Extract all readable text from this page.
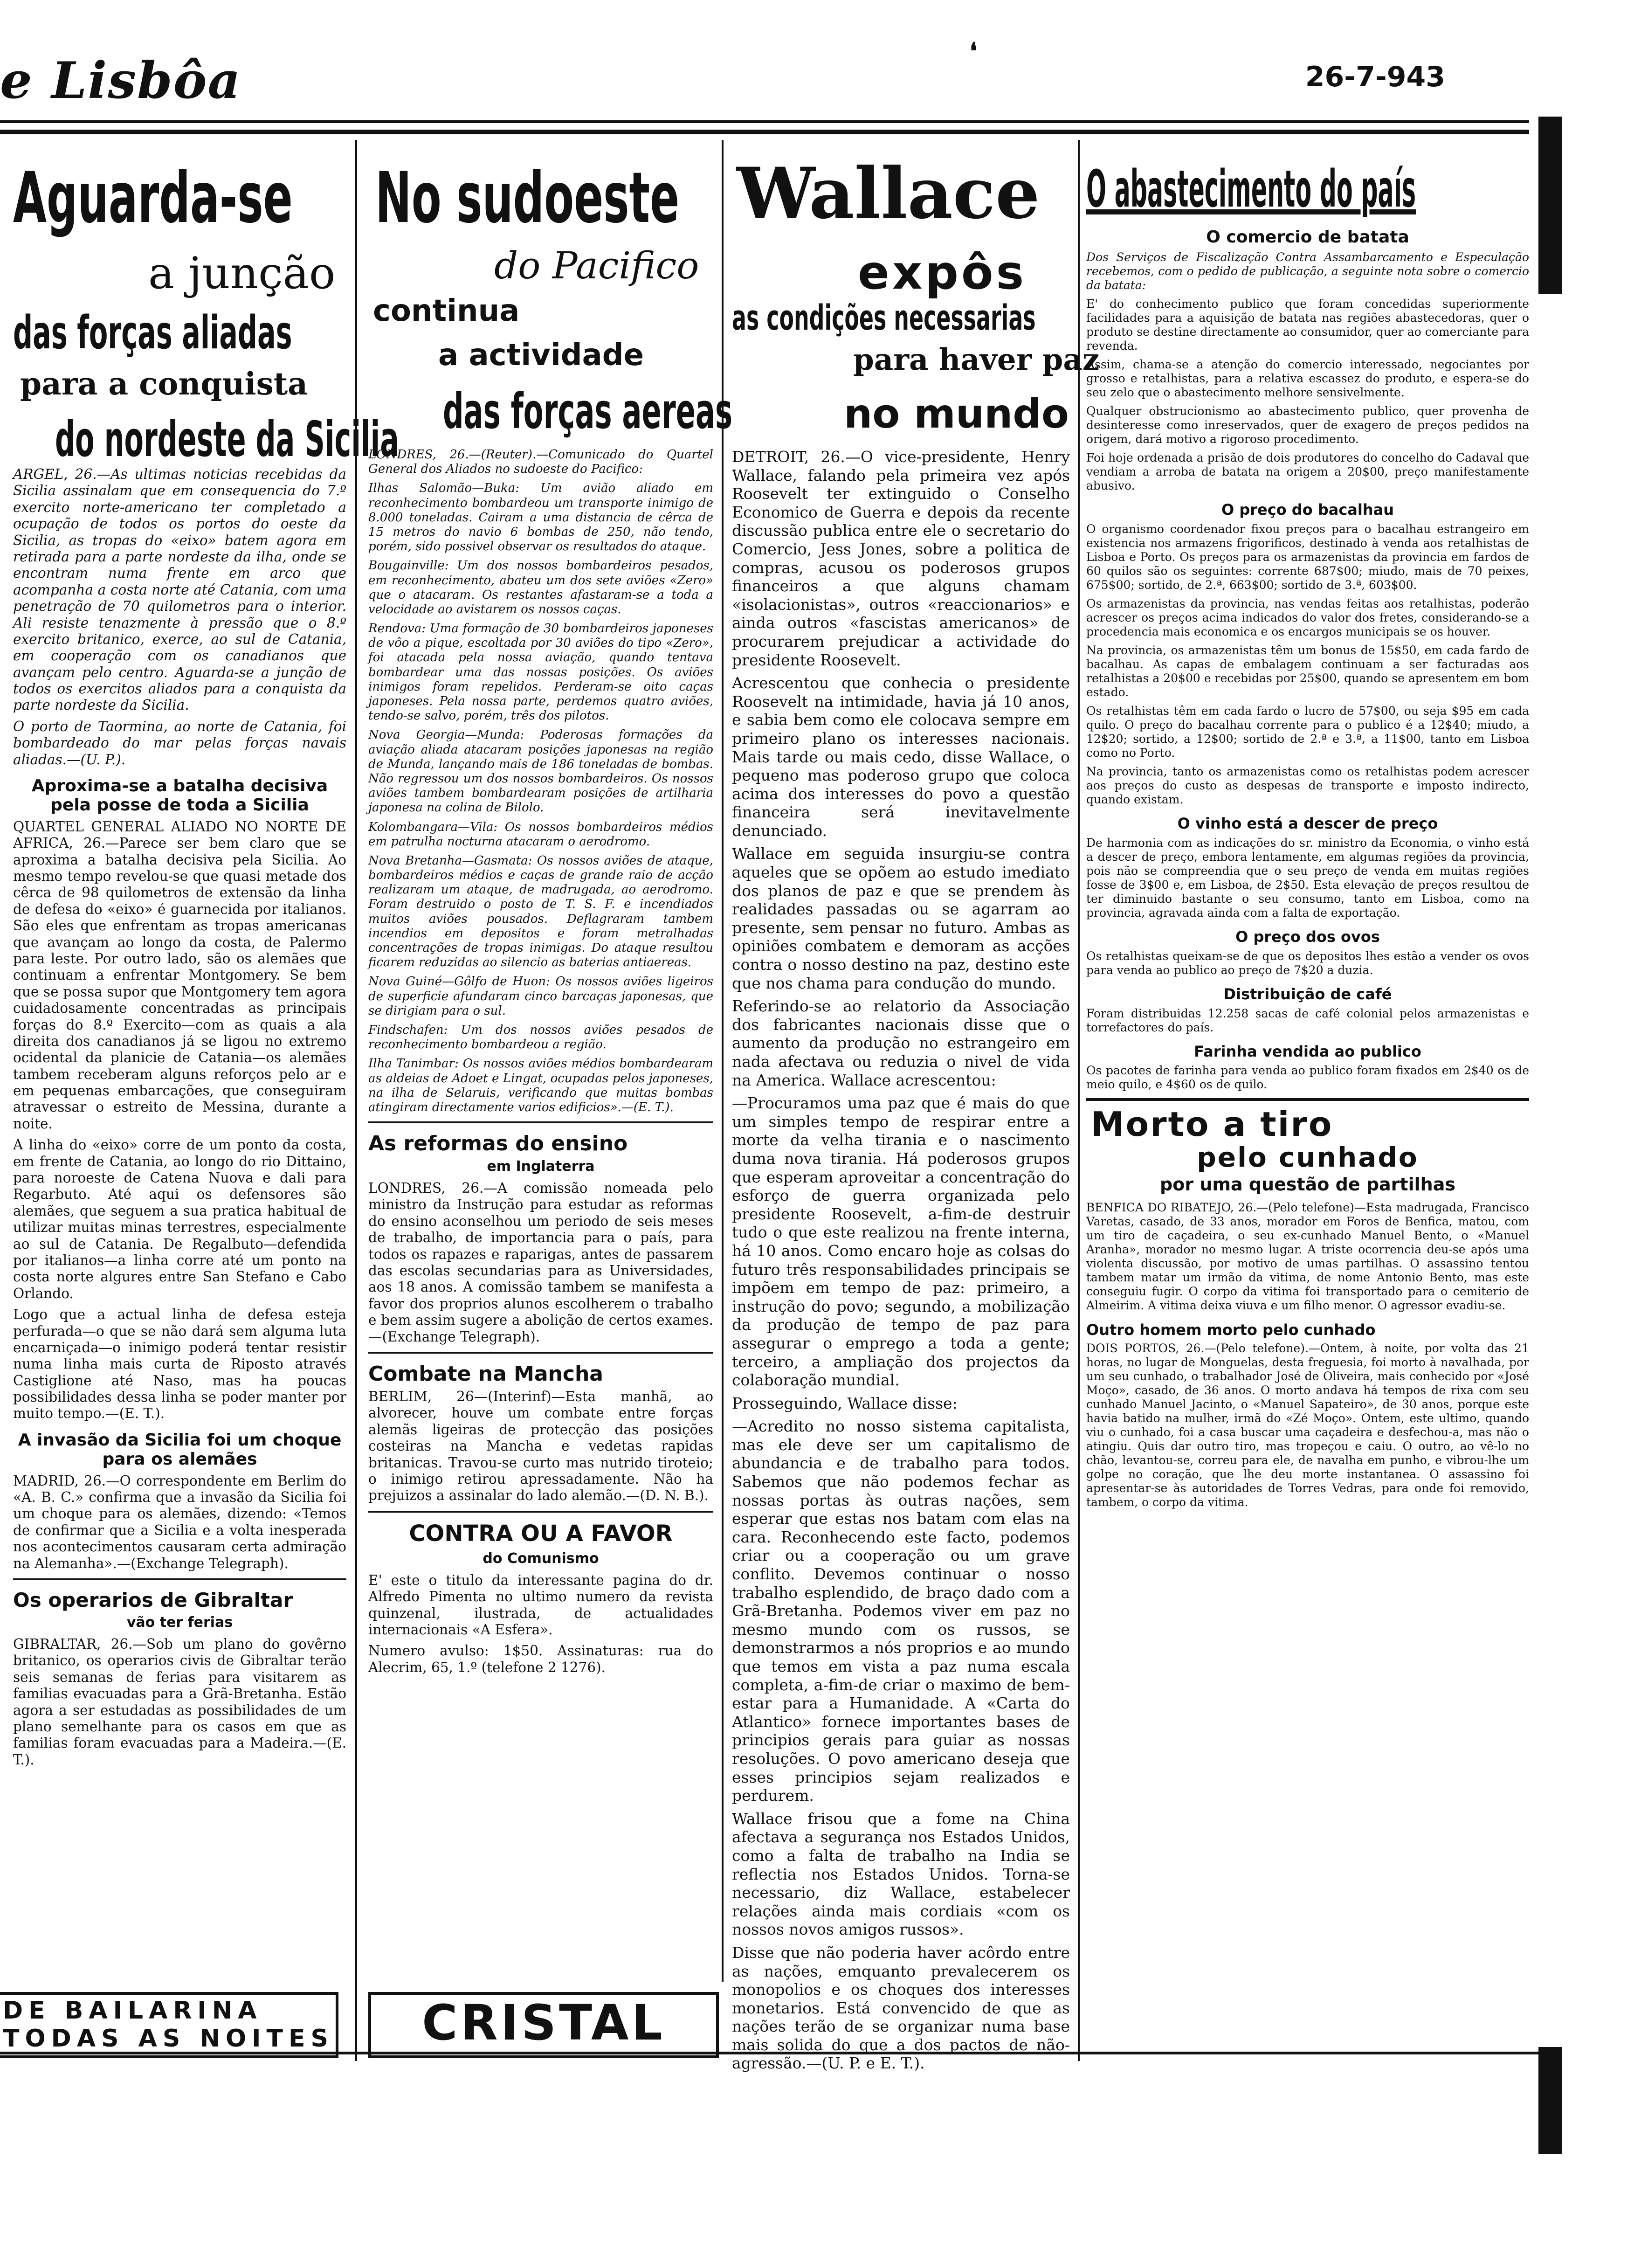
e Lisbôa
❛
26-7-943
Aguarda-se
a junção
das forças aliadas
para a conquista
do nordeste da Sicilia

ARGEL, 26.—As ultimas noticias recebidas da Sicilia assinalam que em consequencia do 7.º exercito norte-americano ter completado a ocupação de todos os portos do oeste da Sicilia, as tropas do «eixo» batem agora em retirada para a parte nordeste da ilha, onde se encontram numa frente em arco que acompanha a costa norte até Catania, com uma penetração de 70 quilometros para o interior. Ali resiste tenazmente à pressão que o 8.º exercito britanico, exerce, ao sul de Catania, em cooperação com os canadianos que avançam pelo centro. Aguarda-se a junção de todos os exercitos aliados para a conquista da parte nordeste da Sicilia.

O porto de Taormina, ao norte de Catania, foi bombardeado do mar pelas forças navais aliadas.—(U. P.).

Aproxima-se a batalha decisiva pela posse de toda a Sicilia

QUARTEL GENERAL ALIADO NO NORTE DE AFRICA, 26.—Parece ser bem claro que se aproxima a batalha decisiva pela Sicilia. Ao mesmo tempo revelou-se que quasi metade dos cêrca de 98 quilometros de extensão da linha de defesa do «eixo» é guarnecida por italianos. São eles que enfrentam as tropas americanas que avançam ao longo da costa, de Palermo para leste. Por outro lado, são os alemães que continuam a enfrentar Montgomery. Se bem que se possa supor que Montgomery tem agora cuidadosamente concentradas as principais forças do 8.º Exercito—com as quais a ala direita dos canadianos já se ligou no extremo ocidental da planicie de Catania—os alemães tambem receberam alguns reforços pelo ar e em pequenas embarcações, que conseguiram atravessar o estreito de Messina, durante a noite.

A linha do «eixo» corre de um ponto da costa, em frente de Catania, ao longo do rio Dittaino, para noroeste de Catena Nuova e dali para Regarbuto. Até aqui os defensores são alemães, que seguem a sua pratica habitual de utilizar muitas minas terrestres, especialmente ao sul de Catania. De Regalbuto—defendida por italianos—a linha corre até um ponto na costa norte algures entre San Stefano e Cabo Orlando.

Logo que a actual linha de defesa esteja perfurada—o que se não dará sem alguma luta encarniçada—o inimigo poderá tentar resistir numa linha mais curta de Riposto através Castiglione até Naso, mas ha poucas possibilidades dessa linha se poder manter por muito tempo.—(E. T.).

A invasão da Sicilia foi um choque para os alemães

MADRID, 26.—O correspondente em Berlim do «A. B. C.» confirma que a invasão da Sicilia foi um choque para os alemães, dizendo: «Temos de confirmar que a Sicilia e a volta inesperada nos acontecimentos causaram certa admiração na Alemanha».—(Exchange Telegraph).

Os operarios de Gibraltar
vão ter ferias

GIBRALTAR, 26.—Sob um plano do govêrno britanico, os operarios civis de Gibraltar terão seis semanas de ferias para visitarem as familias evacuadas para a Grã-Bretanha. Estão agora a ser estudadas as possibilidades de um plano semelhante para os casos em que as familias foram evacuadas para a Madeira.—(E. T.).

DE BAILARINA
TODAS AS NOITES
No sudoeste
do Pacifico
continua
a actividade
das forças aereas

LONDRES, 26.—(Reuter).—Comunicado do Quartel General dos Aliados no sudoeste do Pacifico:

Ilhas Salomão—Buka: Um avião aliado em reconhecimento bombardeou um transporte inimigo de 8.000 toneladas. Cairam a uma distancia de cêrca de 15 metros do navio 6 bombas de 250, não tendo, porém, sido possivel observar os resultados do ataque.

Bougainville: Um dos nossos bombardeiros pesados, em reconhecimento, abateu um dos sete aviões «Zero» que o atacaram. Os restantes afastaram-se a toda a velocidade ao avistarem os nossos caças.

Rendova: Uma formação de 30 bombardeiros japoneses de vôo a pique, escoltada por 30 aviões do tipo «Zero», foi atacada pela nossa aviação, quando tentava bombardear uma das nossas posições. Os aviões inimigos foram repelidos. Perderam-se oito caças japoneses. Pela nossa parte, perdemos quatro aviões, tendo-se salvo, porém, três dos pilotos.

Nova Georgia—Munda: Poderosas formações da aviação aliada atacaram posições japonesas na região de Munda, lançando mais de 186 toneladas de bombas. Não regressou um dos nossos bombardeiros. Os nossos aviões tambem bombardearam posições de artilharia japonesa na colina de Bilolo.

Kolombangara—Vila: Os nossos bombardeiros médios em patrulha nocturna atacaram o aerodromo.

Nova Bretanha—Gasmata: Os nossos aviões de ataque, bombardeiros médios e caças de grande raio de acção realizaram um ataque, de madrugada, ao aerodromo. Foram destruido o posto de T. S. F. e incendiados muitos aviões pousados. Deflagraram tambem incendios em depositos e foram metralhadas concentrações de tropas inimigas. Do ataque resultou ficarem reduzidas ao silencio as baterias antiaereas.

Nova Guiné—Gôlfo de Huon: Os nossos aviões ligeiros de superficie afundaram cinco barcaças japonesas, que se dirigiam para o sul.

Findschafen: Um dos nossos aviões pesados de reconhecimento bombardeou a região.

Ilha Tanimbar: Os nossos aviões médios bombardearam as aldeias de Adoet e Lingat, ocupadas pelos japoneses, na ilha de Selaruis, verificando que muitas bombas atingiram directamente varios edificios».—(E. T.).

As reformas do ensino
em Inglaterra

LONDRES, 26.—A comissão nomeada pelo ministro da Instrução para estudar as reformas do ensino aconselhou um periodo de seis meses de trabalho, de importancia para o país, para todos os rapazes e raparigas, antes de passarem das escolas secundarias para as Universidades, aos 18 anos. A comissão tambem se manifesta a favor dos proprios alunos escolherem o trabalho e bem assim sugere a abolição de certos exames.—(Exchange Telegraph).

Combate na Mancha

BERLIM, 26—(Interinf)—Esta manhã, ao alvorecer, houve um combate entre forças alemãs ligeiras de protecção das posições costeiras na Mancha e vedetas rapidas britanicas. Travou-se curto mas nutrido tiroteio; o inimigo retirou apressadamente. Não ha prejuizos a assinalar do lado alemão.—(D. N. B.).

CONTRA OU A FAVOR
do Comunismo

E' este o titulo da interessante pagina do dr. Alfredo Pimenta no ultimo numero da revista quinzenal, ilustrada, de actualidades internacionais «A Esfera».

Numero avulso: 1$50. Assinaturas: rua do Alecrim, 65, 1.º (telefone 2 1276).

CRISTAL
Wallace
expôs
as condições necessarias
para haver paz
no mundo

DETROIT, 26.—O vice-presidente, Henry Wallace, falando pela primeira vez após Roosevelt ter extinguido o Conselho Economico de Guerra e depois da recente discussão publica entre ele o secretario do Comercio, Jess Jones, sobre a politica de compras, acusou os poderosos grupos financeiros a que alguns chamam «isolacionistas», outros «reaccionarios» e ainda outros «fascistas americanos» de procurarem prejudicar a actividade do presidente Roosevelt.

Acrescentou que conhecia o presidente Roosevelt na intimidade, havia já 10 anos, e sabia bem como ele colocava sempre em primeiro plano os interesses nacionais. Mais tarde ou mais cedo, disse Wallace, o pequeno mas poderoso grupo que coloca acima dos interesses do povo a questão financeira será inevitavelmente denunciado.

Wallace em seguida insurgiu-se contra aqueles que se opõem ao estudo imediato dos planos de paz e que se prendem às realidades passadas ou se agarram ao presente, sem pensar no futuro. Ambas as opiniões combatem e demoram as acções contra o nosso destino na paz, destino este que nos chama para condução do mundo.

Referindo-se ao relatorio da Associação dos fabricantes nacionais disse que o aumento da produção no estrangeiro em nada afectava ou reduzia o nivel de vida na America. Wallace acrescentou:

—Procuramos uma paz que é mais do que um simples tempo de respirar entre a morte da velha tirania e o nascimento duma nova tirania. Há poderosos grupos que esperam aproveitar a concentração do esforço de guerra organizada pelo presidente Roosevelt, a-fim-de destruir tudo o que este realizou na frente interna, há 10 anos. Como encaro hoje as colsas do futuro três responsabilidades principais se impõem em tempo de paz: primeiro, a instrução do povo; segundo, a mobilização da produção de tempo de paz para assegurar o emprego a toda a gente; terceiro, a ampliação dos projectos da colaboração mundial.

Prosseguindo, Wallace disse:

—Acredito no nosso sistema capitalista, mas ele deve ser um capitalismo de abundancia e de trabalho para todos. Sabemos que não podemos fechar as nossas portas às outras nações, sem esperar que estas nos batam com elas na cara. Reconhecendo este facto, podemos criar ou a cooperação ou um grave conflito. Devemos continuar o nosso trabalho esplendido, de braço dado com a Grã-Bretanha. Podemos viver em paz no mesmo mundo com os russos, se demonstrarmos a nós proprios e ao mundo que temos em vista a paz numa escala completa, a-fim-de criar o maximo de bem-estar para a Humanidade. A «Carta do Atlantico» fornece importantes bases de principios gerais para guiar as nossas resoluções. O povo americano deseja que esses principios sejam realizados e perdurem.

Wallace frisou que a fome na China afectava a segurança nos Estados Unidos, como a falta de trabalho na India se reflectia nos Estados Unidos. Torna-se necessario, diz Wallace, estabelecer relações ainda mais cordiais «com os nossos novos amigos russos».

Disse que não poderia haver acôrdo entre as nações, emquanto prevalecerem os monopolios e os choques dos interesses monetarios. Está convencido de que as nações terão de se organizar numa base mais solida do que a dos pactos de não-agressão.—(U. P. e E. T.).

O abastecimento do país
O comercio de batata

Dos Serviços de Fiscalização Contra Assambarcamento e Especulação recebemos, com o pedido de publicação, a seguinte nota sobre o comercio da batata:

E' do conhecimento publico que foram concedidas superiormente facilidades para a aquisição de batata nas regiões abastecedoras, quer o produto se destine directamente ao consumidor, quer ao comerciante para revenda.

Assim, chama-se a atenção do comercio interessado, negociantes por grosso e retalhistas, para a relativa escassez do produto, e espera-se do seu zelo que o abastecimento melhore sensivelmente.

Qualquer obstrucionismo ao abastecimento publico, quer provenha de desinteresse como inreservados, quer de exagero de preços pedidos na origem, dará motivo a rigoroso procedimento.

Foi hoje ordenada a prisão de dois produtores do concelho do Cadaval que vendiam a arroba de batata na origem a 20$00, preço manifestamente abusivo.

O preço do bacalhau

O organismo coordenador fixou preços para o bacalhau estrangeiro em existencia nos armazens frigorificos, destinado à venda aos retalhistas de Lisboa e Porto. Os preços para os armazenistas da provincia em fardos de 60 quilos são os seguintes: corrente 687$00; miudo, mais de 70 peixes, 675$00; sortido, de 2.ª, 663$00; sortido de 3.ª, 603$00.

Os armazenistas da provincia, nas vendas feitas aos retalhistas, poderão acrescer os preços acima indicados do valor dos fretes, considerando-se a procedencia mais economica e os encargos municipais se os houver.

Na provincia, os armazenistas têm um bonus de 15$50, em cada fardo de bacalhau. As capas de embalagem continuam a ser facturadas aos retalhistas a 20$00 e recebidas por 25$00, quando se apresentem em bom estado.

Os retalhistas têm em cada fardo o lucro de 57$00, ou seja $95 em cada quilo. O preço do bacalhau corrente para o publico é a 12$40; miudo, a 12$20; sortido, a 12$00; sortido de 2.ª e 3.ª, a 11$00, tanto em Lisboa como no Porto.

Na provincia, tanto os armazenistas como os retalhistas podem acrescer aos preços do custo as despesas de transporte e imposto indirecto, quando existam.

O vinho está a descer de preço

De harmonia com as indicações do sr. ministro da Economia, o vinho está a descer de preço, embora lentamente, em algumas regiões da provincia, pois não se compreendia que o seu preço de venda em muitas regiões fosse de 3$00 e, em Lisboa, de 2$50. Esta elevação de preços resultou de ter diminuido bastante o seu consumo, tanto em Lisboa, como na provincia, agravada ainda com a falta de exportação.

O preço dos ovos

Os retalhistas queixam-se de que os depositos lhes estão a vender os ovos para venda ao publico ao preço de 7$20 a duzia.

Distribuição de café

Foram distribuidas 12.258 sacas de café colonial pelos armazenistas e torrefactores do país.

Farinha vendida ao publico

Os pacotes de farinha para venda ao publico foram fixados em 2$40 os de meio quilo, e 4$60 os de quilo.

Morto a tiro
pelo cunhado
por uma questão de partilhas

BENFICA DO RIBATEJO, 26.—(Pelo telefone)—Esta madrugada, Francisco Varetas, casado, de 33 anos, morador em Foros de Benfica, matou, com um tiro de caçadeira, o seu ex-cunhado Manuel Bento, o «Manuel Aranha», morador no mesmo lugar. A triste ocorrencia deu-se após uma violenta discussão, por motivo de umas partilhas. O assassino tentou tambem matar um irmão da vitima, de nome Antonio Bento, mas este conseguiu fugir. O corpo da vitima foi transportado para o cemiterio de Almeirim. A vitima deixa viuva e um filho menor. O agressor evadiu-se.

Outro homem morto pelo cunhado

DOIS PORTOS, 26.—(Pelo telefone).—Ontem, à noite, por volta das 21 horas, no lugar de Monguelas, desta freguesia, foi morto à navalhada, por um seu cunhado, o trabalhador José de Oliveira, mais conhecido por «José Moço», casado, de 36 anos. O morto andava há tempos de rixa com seu cunhado Manuel Jacinto, o «Manuel Sapateiro», de 30 anos, porque este havia batido na mulher, irmã do «Zé Moço». Ontem, este ultimo, quando viu o cunhado, foi a casa buscar uma caçadeira e desfechou-a, mas não o atingiu. Quis dar outro tiro, mas tropeçou e caiu. O outro, ao vê-lo no chão, levantou-se, correu para ele, de navalha em punho, e vibrou-lhe um golpe no coração, que lhe deu morte instantanea. O assassino foi apresentar-se às autoridades de Torres Vedras, para onde foi removido, tambem, o corpo da vitima.
